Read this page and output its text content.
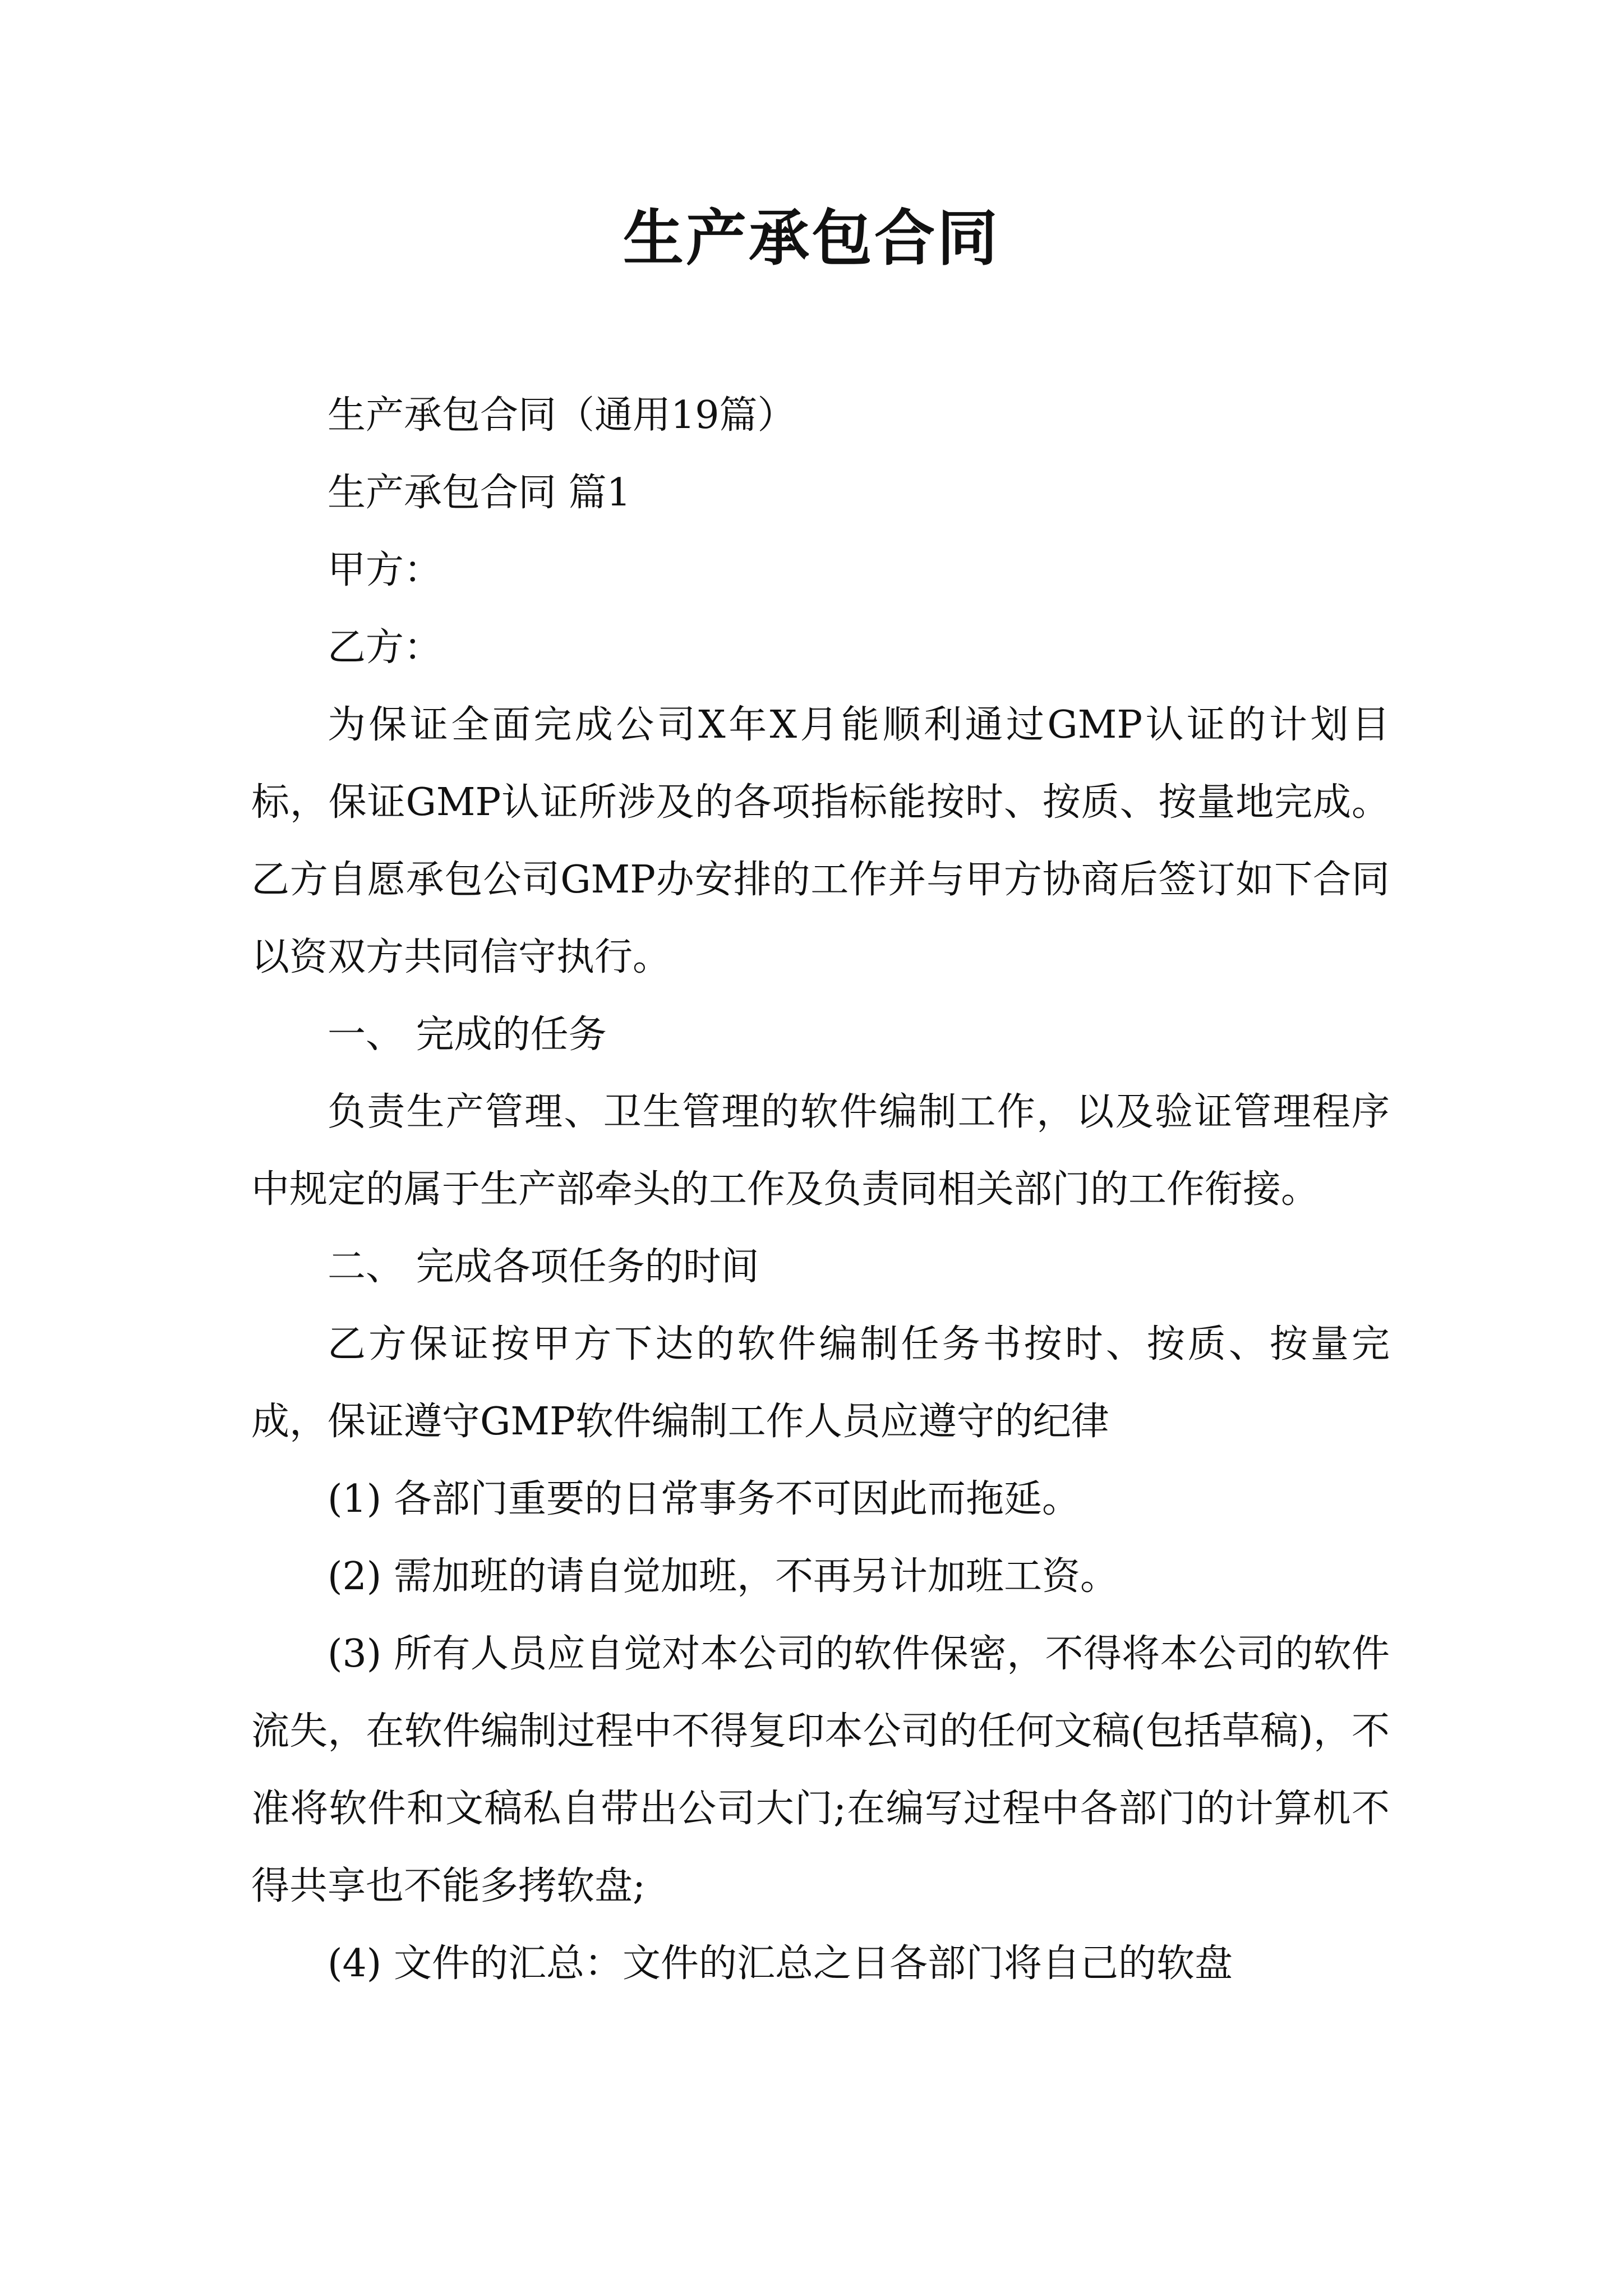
生产承包合同

生产承包合同（通用19篇）

生产承包合同 篇1

甲方：

乙方：

为保证全面完成公司X年X月能顺利通过GMP认证的计划目标，保证GMP认证所涉及的各项指标能按时、按质、按量地完成。乙方自愿承包公司GMP办安排的工作并与甲方协商后签订如下合同以资双方共同信守执行。

一、 完成的任务

负责生产管理、卫生管理的软件编制工作，以及验证管理程序中规定的属于生产部牵头的工作及负责同相关部门的工作衔接。

二、 完成各项任务的时间

乙方保证按甲方下达的软件编制任务书按时、按质、按量完成，保证遵守GMP软件编制工作人员应遵守的纪律

(1) 各部门重要的日常事务不可因此而拖延。

(2) 需加班的请自觉加班，不再另计加班工资。

(3) 所有人员应自觉对本公司的软件保密，不得将本公司的软件流失，在软件编制过程中不得复印本公司的任何文稿(包括草稿)，不准将软件和文稿私自带出公司大门;在编写过程中各部门的计算机不得共享也不能多拷软盘;

(4) 文件的汇总：文件的汇总之日各部门将自己的软盘
